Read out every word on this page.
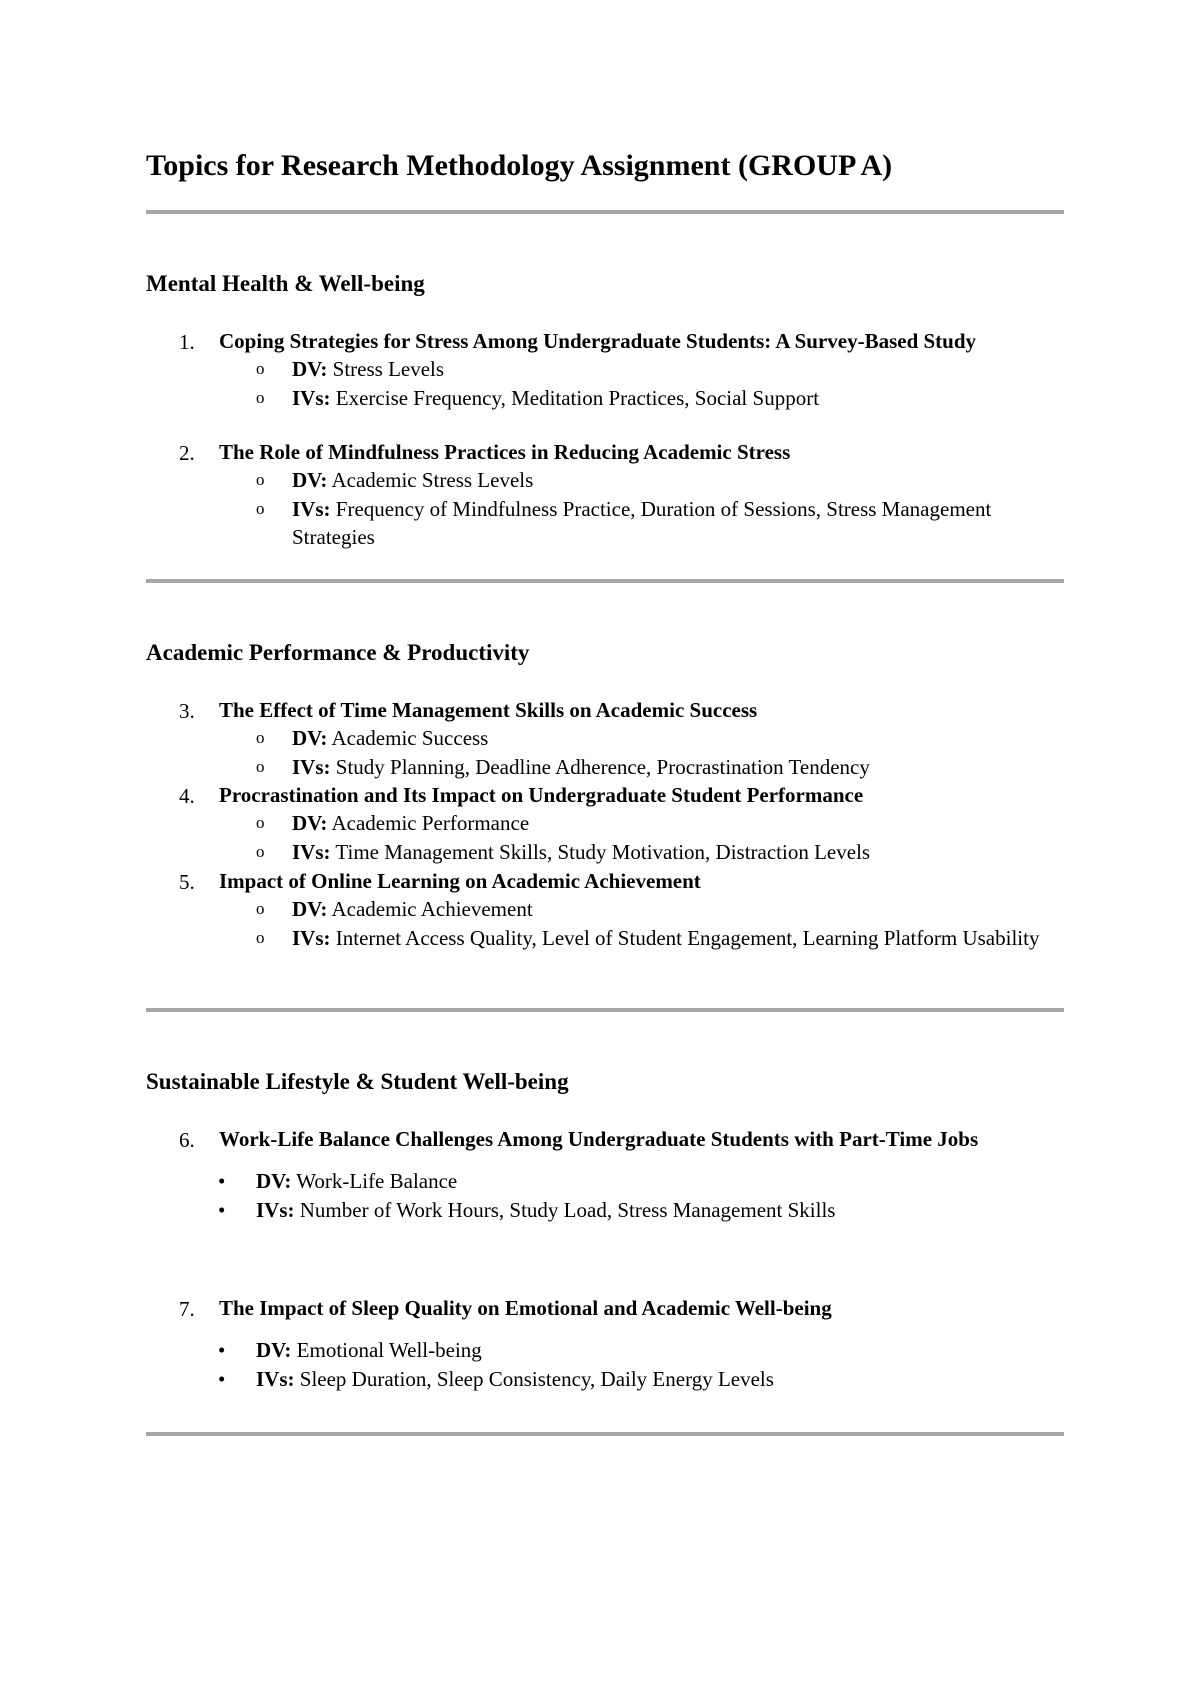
Topics for Research Methodology Assignment (GROUP A)
Mental Health & Well-being
1. Coping Strategies for Stress Among Undergraduate Students: A Survey-Based Study
o DV: Stress Levels
o IVs: Exercise Frequency, Meditation Practices, Social Support
2. The Role of Mindfulness Practices in Reducing Academic Stress
o DV: Academic Stress Levels
o IVs: Frequency of Mindfulness Practice, Duration of Sessions, Stress Management Strategies
Academic Performance & Productivity
3. The Effect of Time Management Skills on Academic Success
o DV: Academic Success
o IVs: Study Planning, Deadline Adherence, Procrastination Tendency
4. Procrastination and Its Impact on Undergraduate Student Performance
o DV: Academic Performance
o IVs: Time Management Skills, Study Motivation, Distraction Levels
5. Impact of Online Learning on Academic Achievement
o DV: Academic Achievement
o IVs: Internet Access Quality, Level of Student Engagement, Learning Platform Usability
Sustainable Lifestyle & Student Well-being
6. Work-Life Balance Challenges Among Undergraduate Students with Part-Time Jobs
• DV: Work-Life Balance
• IVs: Number of Work Hours, Study Load, Stress Management Skills
7. The Impact of Sleep Quality on Emotional and Academic Well-being
• DV: Emotional Well-being
• IVs: Sleep Duration, Sleep Consistency, Daily Energy Levels
